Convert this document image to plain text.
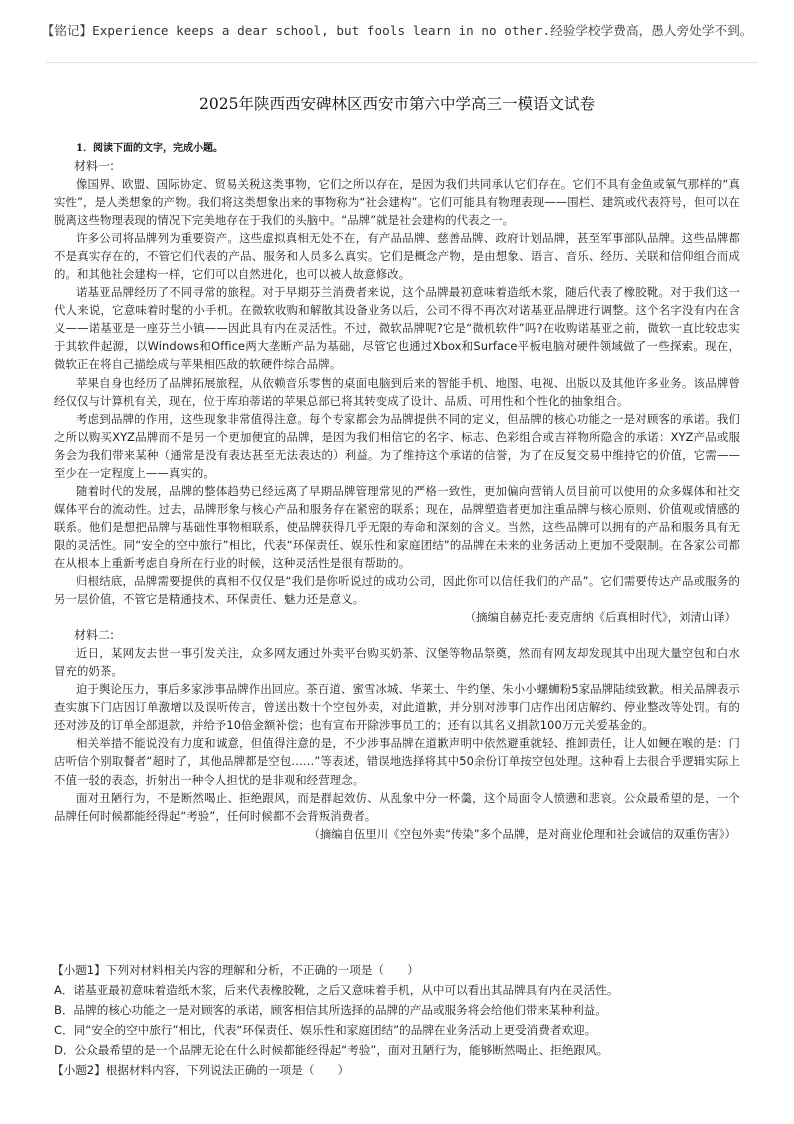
【铭记】Experience keeps a dear school, but fools learn in no other.经验学校学费高，愚人旁处学不到。
2025年陕西西安碑林区西安市第六中学高三一模语文试卷
1．阅读下面的文字，完成小题。
材料一:

像国界、欧盟、国际协定、贸易关税这类事物，它们之所以存在，是因为我们共同承认它们存在。它们不具有金鱼或氧气那样的“真实性”，是人类想象的产物。我们将这类想象出来的事物称为“社会建构”。它们可能具有物理表现——围栏、建筑或代表符号，但可以在脱离这些物理表现的情况下完美地存在于我们的头脑中。“品牌”就是社会建构的代表之一。

许多公司将品牌列为重要资产。这些虚拟真相无处不在，有产品品牌、慈善品牌、政府计划品牌，甚至军事部队品牌。这些品牌都不是真实存在的，不管它们代表的产品、服务和人员多么真实。它们是概念产物，是由想象、语言、音乐、经历、关联和信仰组合而成的。和其他社会建构一样，它们可以自然进化，也可以被人故意修改。

诺基亚品牌经历了不同寻常的旅程。对于早期芬兰消费者来说，这个品牌最初意味着造纸木浆，随后代表了橡胶靴。对于我们这一代人来说，它意味着时髦的小手机。在微软收购和解散其设备业务以后，公司不得不再次对诺基亚品牌进行调整。这个名字没有内在含义——诺基亚是一座芬兰小镇——因此具有内在灵活性。不过，微软品牌呢?它是“微机软件”吗?在收购诺基亚之前，微软一直比较忠实于其软件起源，以Windows和Office两大垄断产品为基础，尽管它也通过Xbox和Surface平板电脑对硬件领域做了一些探索。现在，微软正在将自己描绘成与苹果相匹敌的软硬件综合品牌。

苹果自身也经历了品牌拓展旅程，从依赖音乐零售的桌面电脑到后来的智能手机、地图、电视、出版以及其他许多业务。该品牌曾经仅仅与计算机有关，现在，位于库珀蒂诺的苹果总部已将其转变成了设计、品质、可用性和个性化的抽象组合。

考虑到品牌的作用，这些现象非常值得注意。每个专家都会为品牌提供不同的定义，但品牌的核心功能之一是对顾客的承诺。我们之所以购买XYZ品牌而不是另一个更加便宜的品牌，是因为我们相信它的名字、标志、色彩组合或吉祥物所隐含的承诺：XYZ产品或服务会为我们带来某种（通常是没有表达甚至无法表达的）利益。为了维持这个承诺的信誉，为了在反复交易中维持它的价值，它需——至少在一定程度上——真实的。

随着时代的发展，品牌的整体趋势已经远离了早期品牌管理常见的严格一致性，更加偏向营销人员目前可以使用的众多媒体和社交媒体平台的流动性。过去，品牌形象与核心产品和服务存在紧密的联系；现在，品牌塑造者更加注重品牌与核心原则、价值观或情感的联系。他们是想把品牌与基础性事物相联系，使品牌获得几乎无限的寿命和深刻的含义。当然，这些品牌可以拥有的产品和服务具有无限的灵活性。同“安全的空中旅行”相比，代表“环保责任、娱乐性和家庭团结”的品牌在未来的业务活动上更加不受限制。在各家公司都在从根本上重新考虑自身所在行业的时候，这种灵活性是很有帮助的。

归根结底，品牌需要提供的真相不仅仅是“我们是你听说过的成功公司，因此你可以信任我们的产品”。它们需要传达产品或服务的另一层价值，不管它是精通技术、环保责任、魅力还是意义。

（摘编自赫克托·麦克唐纳《后真相时代》，刘清山译）
材料二:

近日，某网友去世一事引发关注，众多网友通过外卖平台购买奶茶、汉堡等物品祭奠，然而有网友却发现其中出现大量空包和白水冒充的奶茶。

迫于舆论压力，事后多家涉事品牌作出回应。茶百道、蜜雪冰城、华莱士、牛约堡、朱小小螺蛳粉5家品牌陆续致歉。相关品牌表示查实旗下门店因订单激增以及误听传言，曾送出数十个空包外卖，对此道歉，并分别对涉事门店作出闭店解约、停业整改等处罚。有的还对涉及的订单全部退款，并给予10倍金额补偿；也有宣布开除涉事员工的；还有以其名义捐款100万元关爱基金的。

相关举措不能说没有力度和诚意，但值得注意的是，不少涉事品牌在道歉声明中依然避重就轻、推卸责任，让人如鲠在喉的是：门店听信个别取餐者“超时了，其他品牌都是空包……”等表述，错误地选择将其中50余份订单按空包处理。这种看上去很合乎逻辑实际上不值一驳的表态，折射出一种令人担忧的是非观和经营理念。

面对丑陋行为，不是断然喝止、拒绝跟风，而是群起效仿、从乱象中分一杯羹，这个局面令人愤懑和悲哀。公众最希望的是，一个品牌任何时候都能经得起“考验”，任何时候都不会背叛消费者。

（摘编自伍里川《空包外卖“传染”多个品牌，是对商业伦理和社会诚信的双重伤害》）
【小题1】下列对材料相关内容的理解和分析，不正确的一项是（　　）
A．诺基亚最初意味着造纸木浆，后来代表橡胶靴，之后又意味着手机，从中可以看出其品牌具有内在灵活性。
B．品牌的核心功能之一是对顾客的承诺，顾客相信其所选择的品牌的产品或服务将会给他们带来某种利益。
C．同“安全的空中旅行”相比，代表“环保责任、娱乐性和家庭团结”的品牌在业务活动上更受消费者欢迎。
D．公众最希望的是一个品牌无论在什么时候都能经得起“考验”，面对丑陋行为，能够断然喝止、拒绝跟风。
【小题2】根据材料内容，下列说法正确的一项是（　　）
